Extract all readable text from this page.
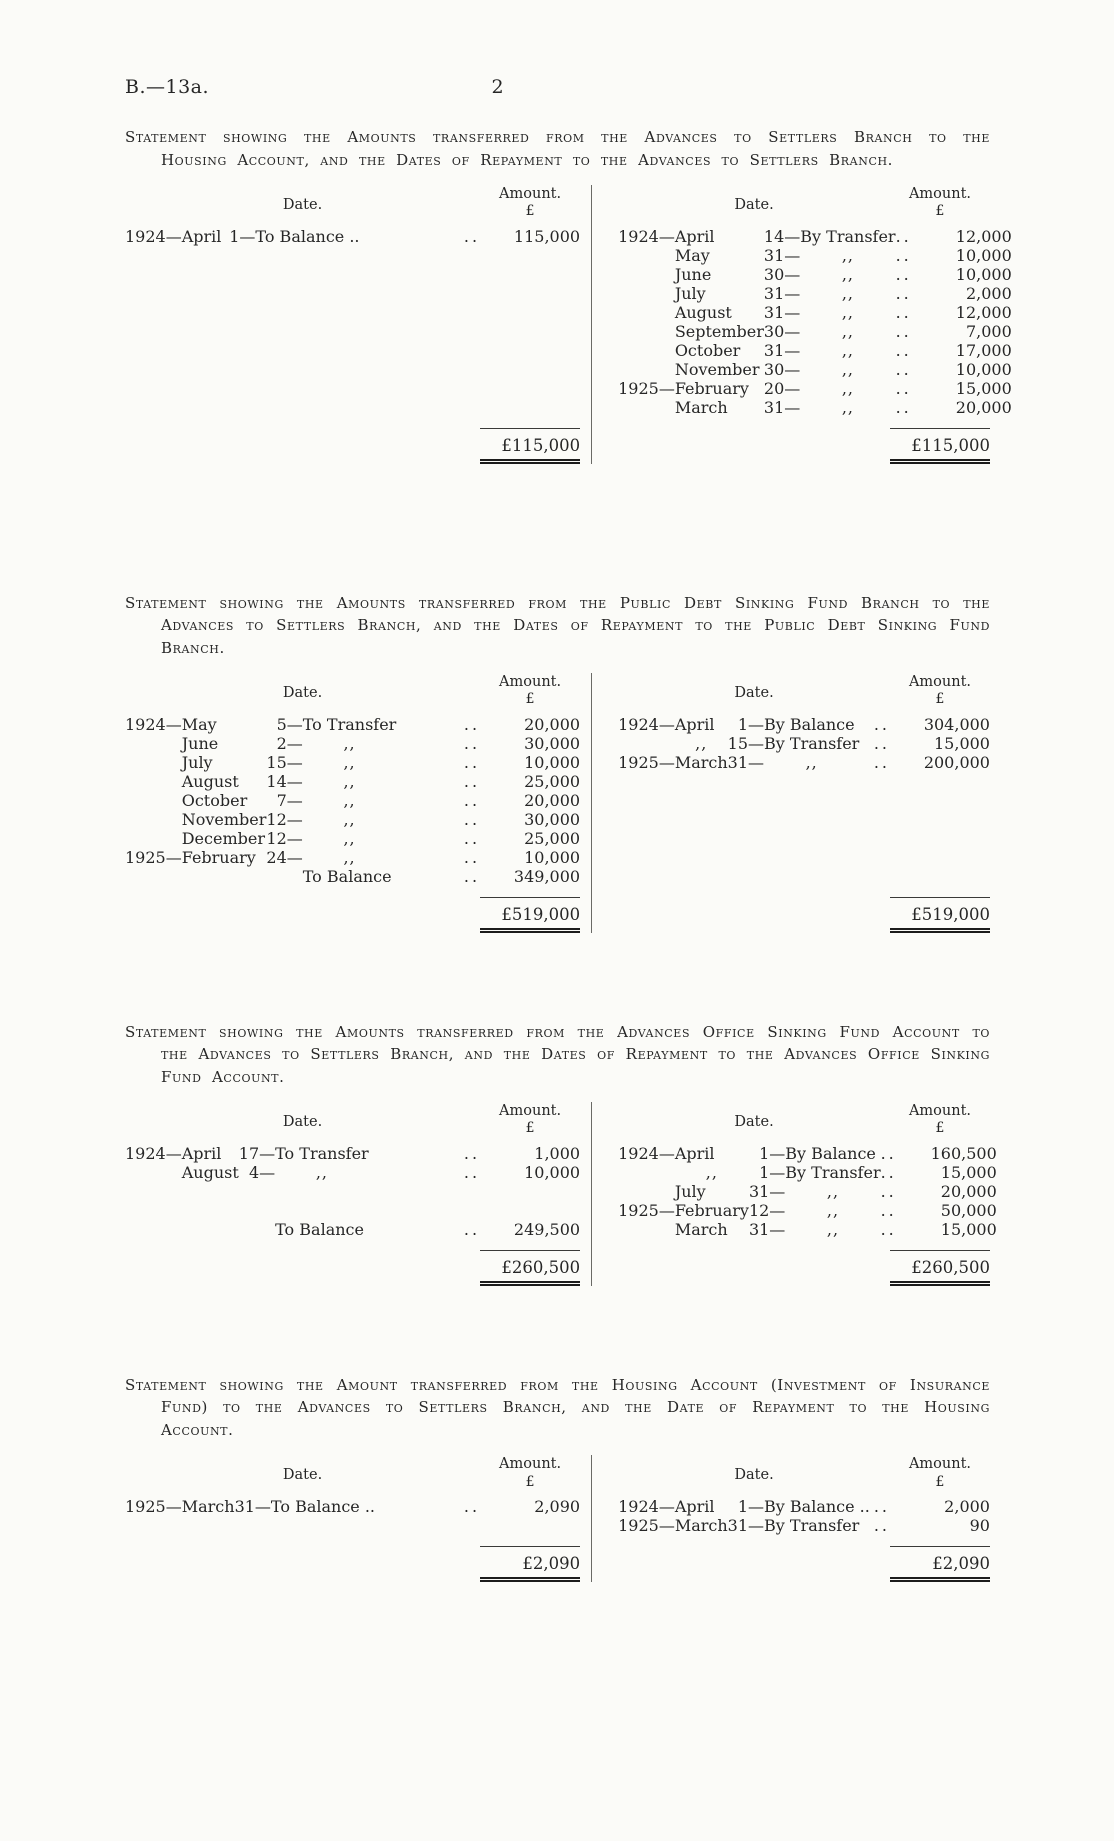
B.—13a.	2

Statement showing the Amounts transferred from the Advances to Settlers Branch to the Housing Account, and the Dates of Repayment to the Advances to Settlers Branch.

Date.
Amount.
£
1924— April 1— To Balance ..	..	115,000
£115,000
Date.
Amount.
£
1924— April	14— By Transfer ..	12,000
May	31—	,,	..	10,000
June	30—	,,	..	10,000
July	31—	,,	..	2,000
August	31—	,,	..	12,000
September 30—	,,	..	7,000
October	31—	,,	..	17,000
November 30—	,,	..	10,000
1925— February 20—	,,	..	15,000
March	31—	,,	..	20,000
£115,000

Statement showing the Amounts transferred from the Public Debt Sinking Fund Branch to the Advances to Settlers Branch, and the Dates of Repayment to the Public Debt Sinking Fund Branch.

Date.
Amount.
£
1924— May	5— To Transfer	..	20,000
June	2—	,,	..	30,000
July	15—	,,	..	10,000
August	14—	,,	..	25,000
October	7—	,,	..	20,000
November 12—	,,	..	30,000
December 12—	,,	..	25,000
1925— February 24—	,,	..	10,000
To Balance	..	349,000
£519,000
Date.
Amount.
£
1924— April	1— By Balance	..	304,000
,,	15— By Transfer ..	15,000
1925— March 31—	,,	..	200,000
£519,000

Statement showing the Amounts transferred from the Advances Office Sinking Fund Account to the Advances to Settlers Branch, and the Dates of Repayment to the Advances Office Sinking Fund Account.

Date.
Amount.
£
1924— April	17— To Transfer	..	1,000
August 4—	,,	..	10,000
To Balance	..	249,500
£260,500
Date.
Amount.
£
1924— April	1— By Balance ..	160,500
,,	1— By Transfer ..	15,000
July	31—	,,	..	20,000
1925— February 12—	,,	..	50,000
March	31—	,,	..	15,000
£260,500

Statement showing the Amount transferred from the Housing Account (Investment of Insurance Fund) to the Advances to Settlers Branch, and the Date of Repayment to the Housing Account.

Date.
Amount.
£
1925— March 31— To Balance ..	..	2,090
£2,090
Date.
Amount.
£
1924— April	1— By Balance .. ..	2,000
1925— March 31— By Transfer ..	90
£2,090
